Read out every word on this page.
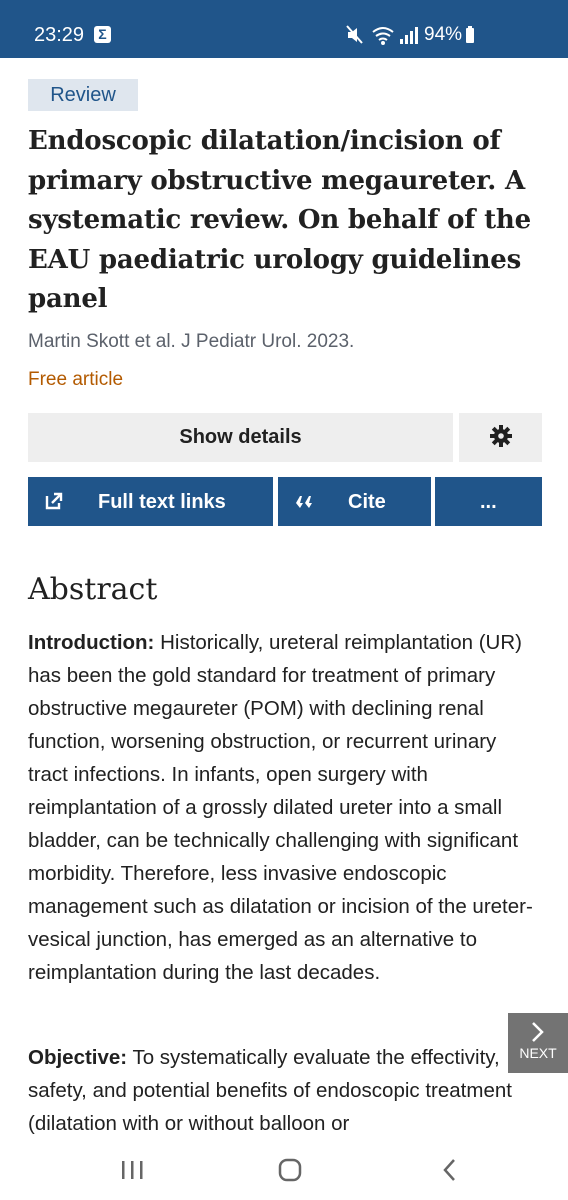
23:29	Σ	94%
Review
Endoscopic dilatation/incision of primary obstructive megaureter. A systematic review. On behalf of the EAU paediatric urology guidelines panel
Martin Skott et al. J Pediatr Urol. 2023.
Free article
Show details
Full text links	Cite	...
Abstract

Introduction: Historically, ureteral reimplantation (UR) has been the gold standard for treatment of primary obstructive megaureter (POM) with declining renal function, worsening obstruction, or recurrent urinary tract infections. In infants, open surgery with reimplantation of a grossly dilated ureter into a small bladder, can be technically challenging with significant morbidity. Therefore, less invasive endoscopic management such as dilatation or incision of the ureter-vesical junction, has emerged as an alternative to reimplantation during the last decades.

Objective: To systematically evaluate the effectivity, safety, and potential benefits of endoscopic treatment (dilatation with or without balloon or

NEXT
